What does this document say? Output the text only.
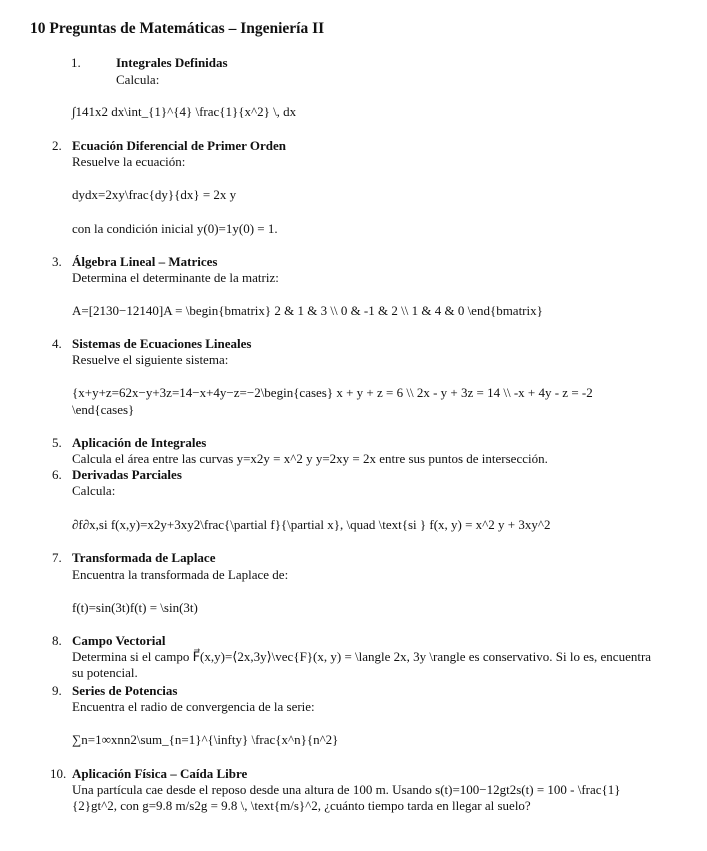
10 Preguntas de Matemáticas – Ingeniería II
1.	Integrales Definidas
Calcula:
∫141x2 dx\int_{1}^{4} \frac{1}{x^2} \, dx
2. Ecuación Diferencial de Primer Orden
Resuelve la ecuación:
dydx=2xy\frac{dy}{dx} = 2x y
con la condición inicial y(0)=1y(0) = 1.
3. Álgebra Lineal – Matrices
Determina el determinante de la matriz:
A=[2130−12140]A = \begin{bmatrix} 2 & 1 & 3 \\ 0 & -1 & 2 \\ 1 & 4 & 0 \end{bmatrix}
4. Sistemas de Ecuaciones Lineales
Resuelve el siguiente sistema:
{x+y+z=62x−y+3z=14−x+4y−z=−2\begin{cases} x + y + z = 6 \\ 2x - y + 3z = 14 \\ -x + 4y - z = -2
\end{cases}
5. Aplicación de Integrales
Calcula el área entre las curvas y=x2y = x^2 y y=2xy = 2x entre sus puntos de intersección.
6. Derivadas Parciales
Calcula:
∂f∂x,si f(x,y)=x2y+3xy2\frac{\partial f}{\partial x}, \quad \text{si } f(x, y) = x^2 y + 3xy^2
7. Transformada de Laplace
Encuentra la transformada de Laplace de:
f(t)=sin(3t)f(t) = \sin(3t)
8. Campo Vectorial
Determina si el campo F⃗(x,y)=⟨2x,3y⟩\vec{F}(x, y) = \langle 2x, 3y \rangle es conservativo. Si lo es, encuentra su potencial.
9. Series de Potencias
Encuentra el radio de convergencia de la serie:
∑n=1∞xnn2\sum_{n=1}^{\infty} \frac{x^n}{n^2}
10. Aplicación Física – Caída Libre
Una partícula cae desde el reposo desde una altura de 100 m. Usando s(t)=100−12gt2s(t) = 100 - \frac{1}{2}gt^2, con g=9.8 m/s2g = 9.8 \, \text{m/s}^2, ¿cuánto tiempo tarda en llegar al suelo?
